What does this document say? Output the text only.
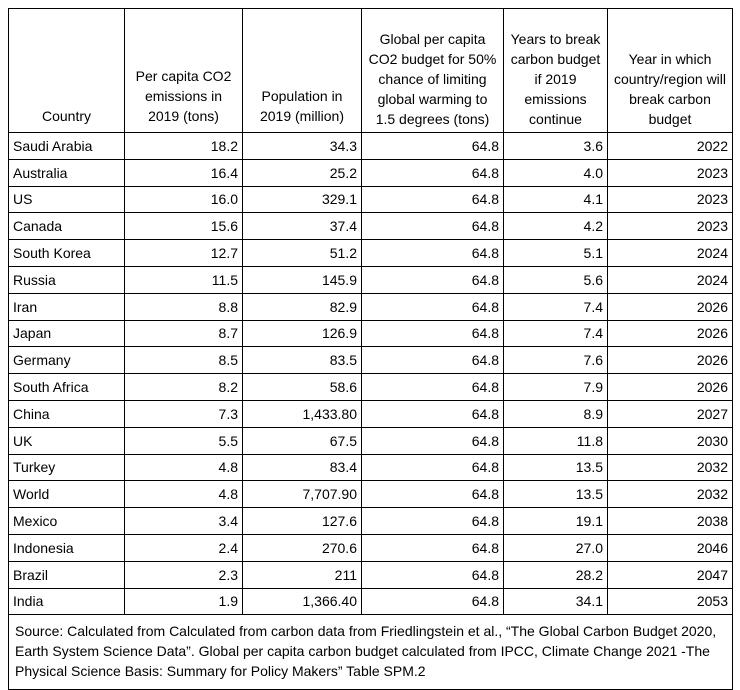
Country	Per capita CO2 emissions in 2019 (tons)	Population in 2019 (million)	Global per capita CO2 budget for 50% chance of limiting global warming to 1.5 degrees (tons)	Years to break carbon budget if 2019 emissions continue	Year in which country/region will break carbon budget
Saudi Arabia	18.2	34.3	64.8	3.6	2022
Australia	16.4	25.2	64.8	4.0	2023
US	16.0	329.1	64.8	4.1	2023
Canada	15.6	37.4	64.8	4.2	2023
South Korea	12.7	51.2	64.8	5.1	2024
Russia	11.5	145.9	64.8	5.6	2024
Iran	8.8	82.9	64.8	7.4	2026
Japan	8.7	126.9	64.8	7.4	2026
Germany	8.5	83.5	64.8	7.6	2026
South Africa	8.2	58.6	64.8	7.9	2026
China	7.3	1,433.80	64.8	8.9	2027
UK	5.5	67.5	64.8	11.8	2030
Turkey	4.8	83.4	64.8	13.5	2032
World	4.8	7,707.90	64.8	13.5	2032
Mexico	3.4	127.6	64.8	19.1	2038
Indonesia	2.4	270.6	64.8	27.0	2046
Brazil	2.3	211	64.8	28.2	2047
India	1.9	1,366.40	64.8	34.1	2053
Source: Calculated from Calculated from carbon data from Friedlingstein et al., “The Global Carbon Budget 2020, Earth System Science Data”. Global per capita carbon budget calculated from IPCC, Climate Change 2021 -The Physical Science Basis: Summary for Policy Makers” Table SPM.2					
